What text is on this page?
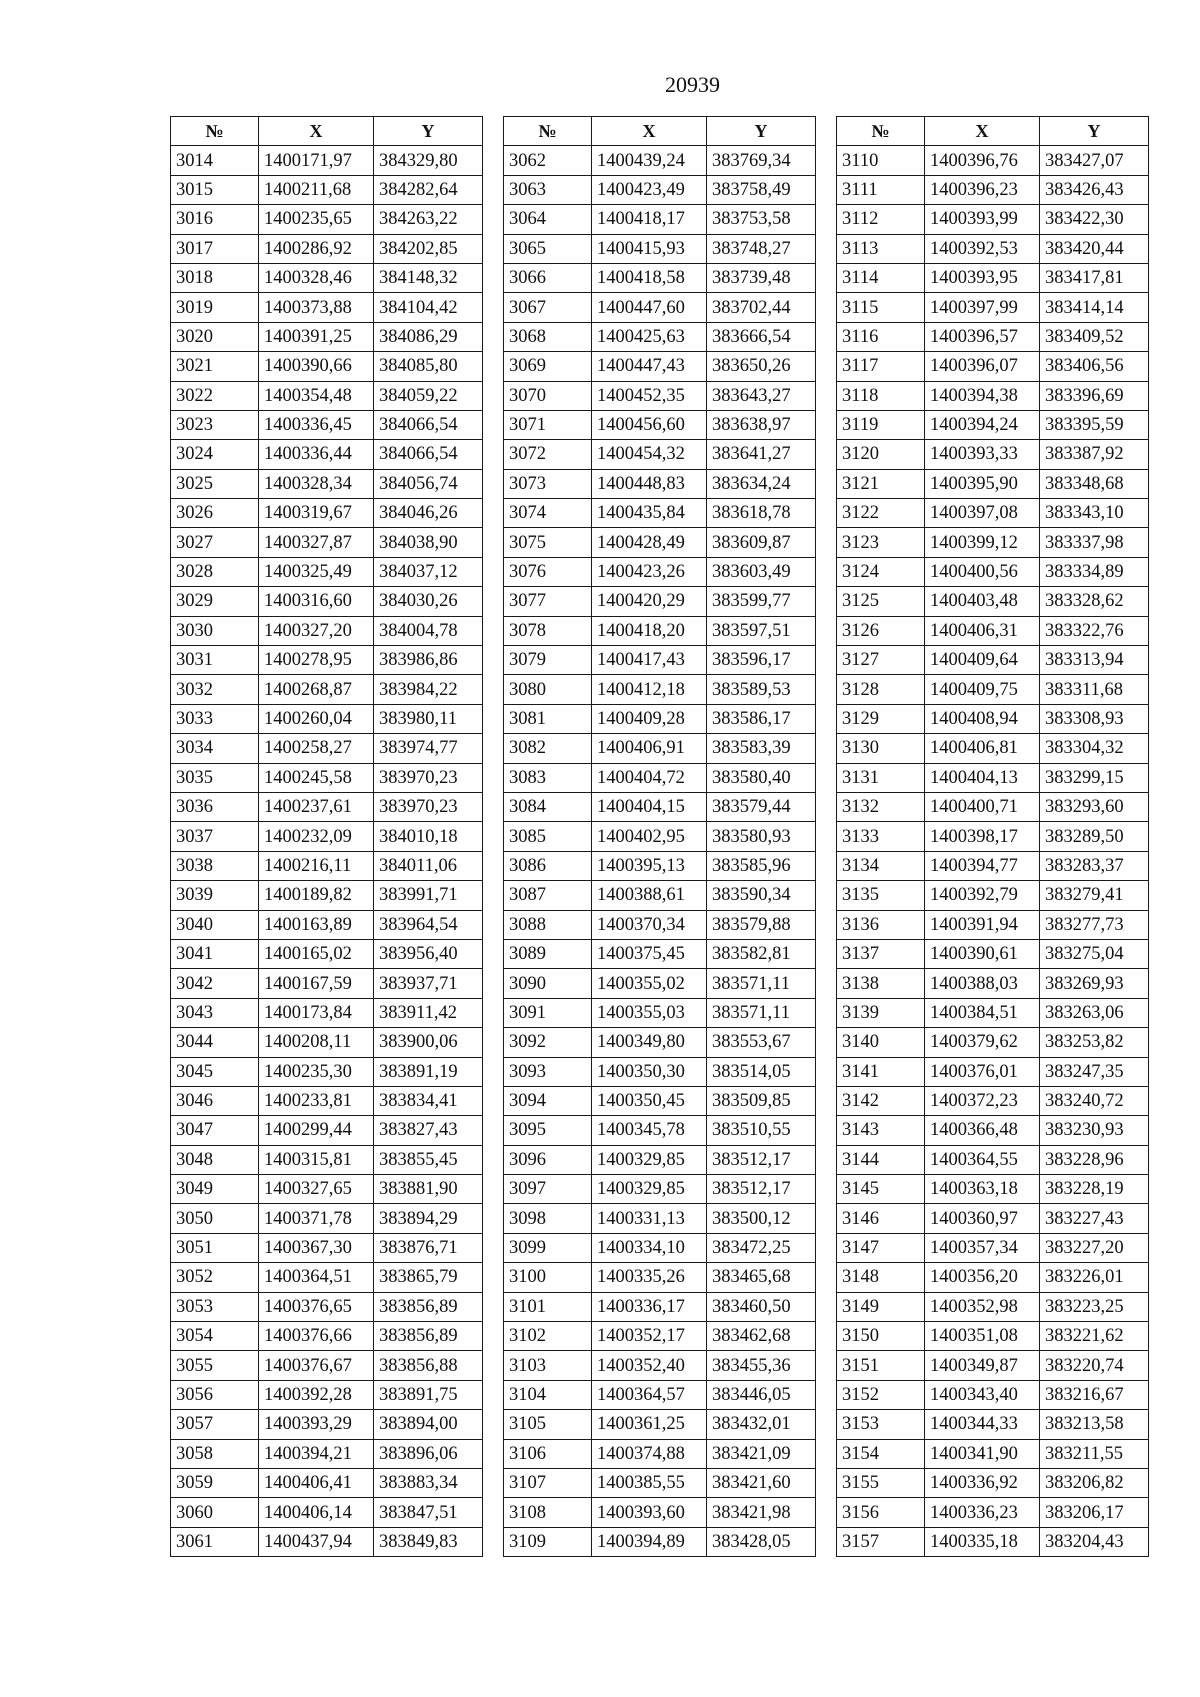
20939
№	X	Y
3014	1400171,97	384329,80
3015	1400211,68	384282,64
3016	1400235,65	384263,22
3017	1400286,92	384202,85
3018	1400328,46	384148,32
3019	1400373,88	384104,42
3020	1400391,25	384086,29
3021	1400390,66	384085,80
3022	1400354,48	384059,22
3023	1400336,45	384066,54
3024	1400336,44	384066,54
3025	1400328,34	384056,74
3026	1400319,67	384046,26
3027	1400327,87	384038,90
3028	1400325,49	384037,12
3029	1400316,60	384030,26
3030	1400327,20	384004,78
3031	1400278,95	383986,86
3032	1400268,87	383984,22
3033	1400260,04	383980,11
3034	1400258,27	383974,77
3035	1400245,58	383970,23
3036	1400237,61	383970,23
3037	1400232,09	384010,18
3038	1400216,11	384011,06
3039	1400189,82	383991,71
3040	1400163,89	383964,54
3041	1400165,02	383956,40
3042	1400167,59	383937,71
3043	1400173,84	383911,42
3044	1400208,11	383900,06
3045	1400235,30	383891,19
3046	1400233,81	383834,41
3047	1400299,44	383827,43
3048	1400315,81	383855,45
3049	1400327,65	383881,90
3050	1400371,78	383894,29
3051	1400367,30	383876,71
3052	1400364,51	383865,79
3053	1400376,65	383856,89
3054	1400376,66	383856,89
3055	1400376,67	383856,88
3056	1400392,28	383891,75
3057	1400393,29	383894,00
3058	1400394,21	383896,06
3059	1400406,41	383883,34
3060	1400406,14	383847,51
3061	1400437,94	383849,83
№	X	Y
3062	1400439,24	383769,34
3063	1400423,49	383758,49
3064	1400418,17	383753,58
3065	1400415,93	383748,27
3066	1400418,58	383739,48
3067	1400447,60	383702,44
3068	1400425,63	383666,54
3069	1400447,43	383650,26
3070	1400452,35	383643,27
3071	1400456,60	383638,97
3072	1400454,32	383641,27
3073	1400448,83	383634,24
3074	1400435,84	383618,78
3075	1400428,49	383609,87
3076	1400423,26	383603,49
3077	1400420,29	383599,77
3078	1400418,20	383597,51
3079	1400417,43	383596,17
3080	1400412,18	383589,53
3081	1400409,28	383586,17
3082	1400406,91	383583,39
3083	1400404,72	383580,40
3084	1400404,15	383579,44
3085	1400402,95	383580,93
3086	1400395,13	383585,96
3087	1400388,61	383590,34
3088	1400370,34	383579,88
3089	1400375,45	383582,81
3090	1400355,02	383571,11
3091	1400355,03	383571,11
3092	1400349,80	383553,67
3093	1400350,30	383514,05
3094	1400350,45	383509,85
3095	1400345,78	383510,55
3096	1400329,85	383512,17
3097	1400329,85	383512,17
3098	1400331,13	383500,12
3099	1400334,10	383472,25
3100	1400335,26	383465,68
3101	1400336,17	383460,50
3102	1400352,17	383462,68
3103	1400352,40	383455,36
3104	1400364,57	383446,05
3105	1400361,25	383432,01
3106	1400374,88	383421,09
3107	1400385,55	383421,60
3108	1400393,60	383421,98
3109	1400394,89	383428,05
№	X	Y
3110	1400396,76	383427,07
3111	1400396,23	383426,43
3112	1400393,99	383422,30
3113	1400392,53	383420,44
3114	1400393,95	383417,81
3115	1400397,99	383414,14
3116	1400396,57	383409,52
3117	1400396,07	383406,56
3118	1400394,38	383396,69
3119	1400394,24	383395,59
3120	1400393,33	383387,92
3121	1400395,90	383348,68
3122	1400397,08	383343,10
3123	1400399,12	383337,98
3124	1400400,56	383334,89
3125	1400403,48	383328,62
3126	1400406,31	383322,76
3127	1400409,64	383313,94
3128	1400409,75	383311,68
3129	1400408,94	383308,93
3130	1400406,81	383304,32
3131	1400404,13	383299,15
3132	1400400,71	383293,60
3133	1400398,17	383289,50
3134	1400394,77	383283,37
3135	1400392,79	383279,41
3136	1400391,94	383277,73
3137	1400390,61	383275,04
3138	1400388,03	383269,93
3139	1400384,51	383263,06
3140	1400379,62	383253,82
3141	1400376,01	383247,35
3142	1400372,23	383240,72
3143	1400366,48	383230,93
3144	1400364,55	383228,96
3145	1400363,18	383228,19
3146	1400360,97	383227,43
3147	1400357,34	383227,20
3148	1400356,20	383226,01
3149	1400352,98	383223,25
3150	1400351,08	383221,62
3151	1400349,87	383220,74
3152	1400343,40	383216,67
3153	1400344,33	383213,58
3154	1400341,90	383211,55
3155	1400336,92	383206,82
3156	1400336,23	383206,17
3157	1400335,18	383204,43
